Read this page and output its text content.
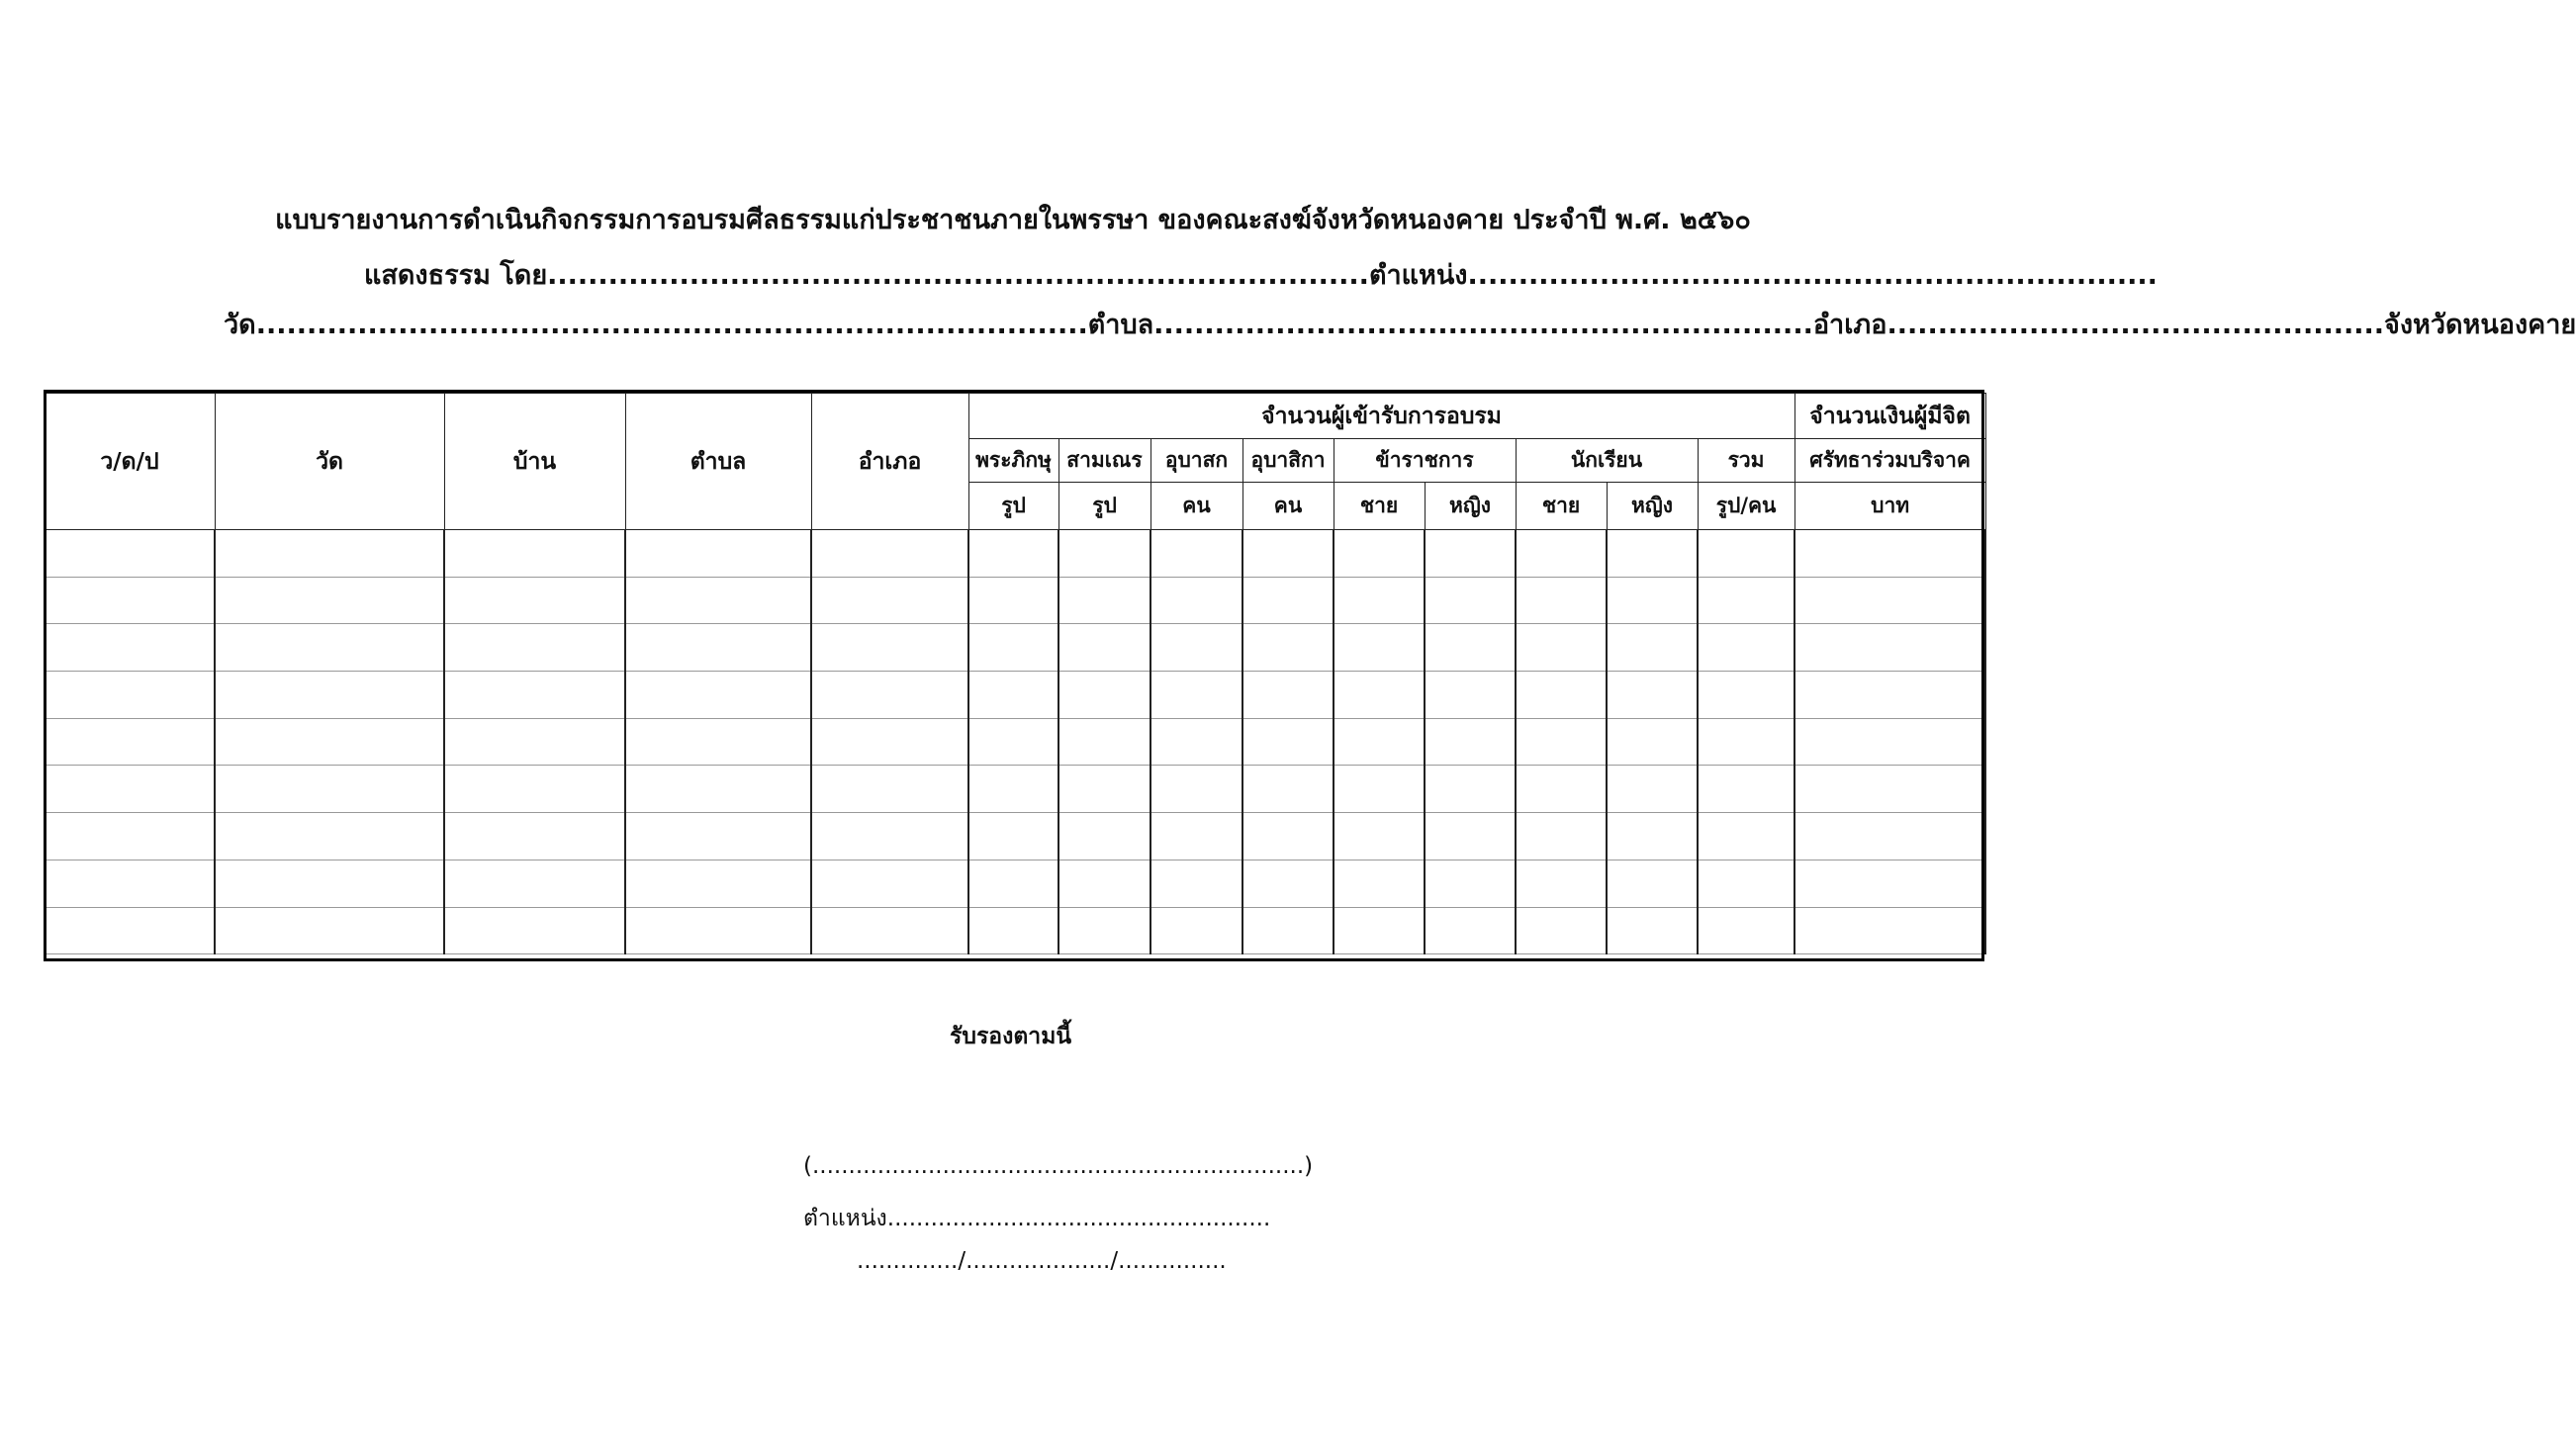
แบบรายงานการดำเนินกิจกรรมการอบรมศีลธรรมแก่ประชาชนภายในพรรษา ของคณะสงฆ์จังหวัดหนองคาย ประจำปี พ.ศ. ๒๕๖๐
แสดงธรรม โดย.................................................................................ตำแหน่ง....................................................................
วัด..................................................................................ตำบล.................................................................อำเภอ.................................................จังหวัดหนองคาย
ว/ด/ป	วัด	บ้าน	ตำบล	อำเภอ	จำนวนผู้เข้ารับการอบรม									จำนวนเงินผู้มีจิต
					พระภิกษุ	สามเณร	อุบาสก	อุบาสิกา	ข้าราชการ		นักเรียน		รวม	ศรัทธาร่วมบริจาค
					รูป	รูป	คน	คน	ชาย	หญิง	ชาย	หญิง	รูป/คน	บาท

รับรองตามนี้
(....................................................................)
ตำแหน่ง.....................................................
............../..................../...............
